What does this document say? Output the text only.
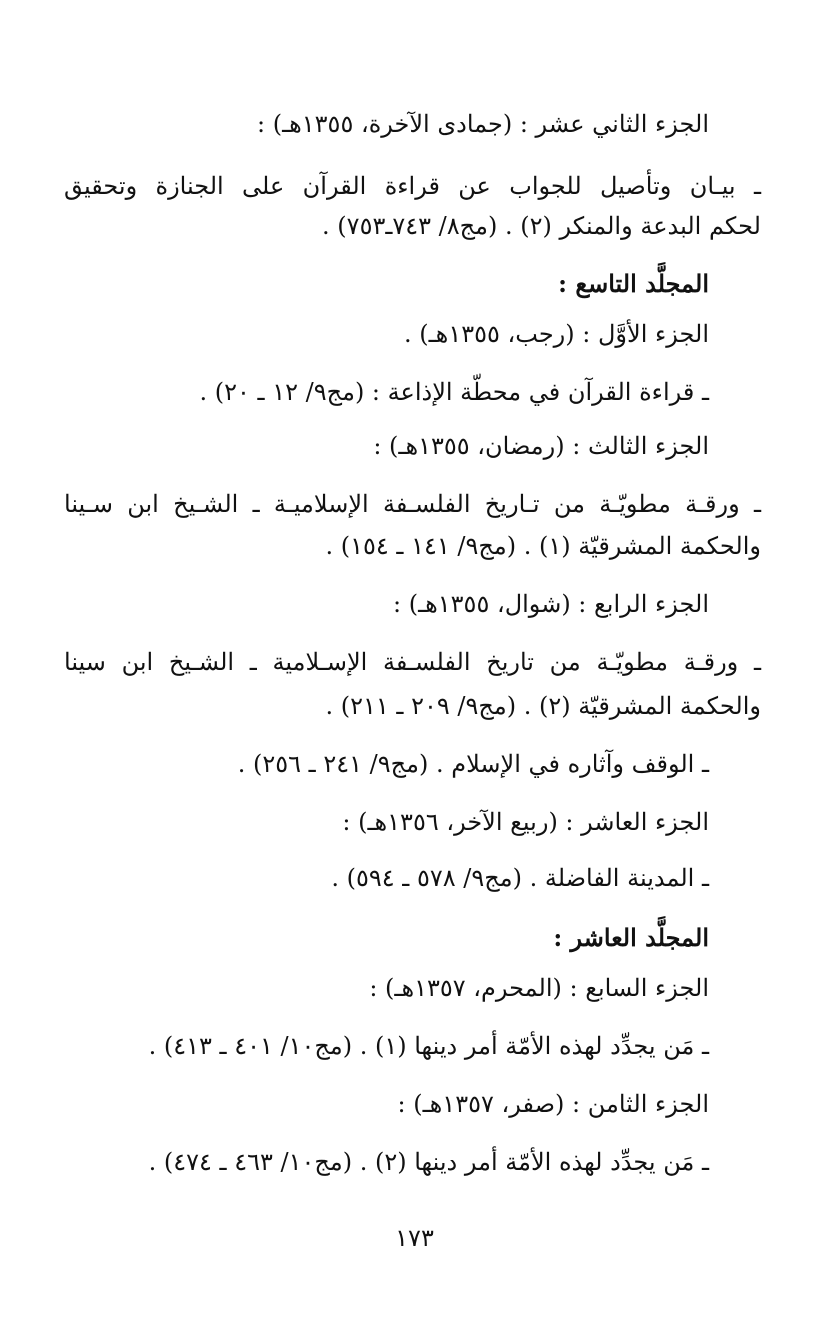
الجزء الثاني عشر : (جمادى الآخرة، ١٣٥٥هـ) :
ـ بيـان وتأصيل للجواب عن قراءة القرآن على الجنازة وتحقيق
لحكم البدعة والمنكر (٢) . (مج٨/ ٧٤٣ـ٧٥٣) .
المجلَّد التاسع :
الجزء الأوَّل : (رجب، ١٣٥٥هـ) .
ـ قراءة القرآن في محطّة الإذاعة : (مج٩/ ١٢ ـ ٢٠) .
الجزء الثالث : (رمضان، ١٣٥٥هـ) :
ـ ورقـة مطويّـة من تـاريخ الفلسـفة الإسلاميـة ـ الشـيخ ابن سـينا
والحكمة المشرقيّة (١) . (مج٩/ ١٤١ ـ ١٥٤) .
الجزء الرابع : (شوال، ١٣٥٥هـ) :
ـ ورقـة مطويّـة من تاريخ الفلسـفة الإسـلامية ـ الشـيخ ابن سينا
والحكمة المشرقيّة (٢) . (مج٩/ ٢٠٩ ـ ٢١١) .
ـ الوقف وآثاره في الإسلام . (مج٩/ ٢٤١ ـ ٢٥٦) .
الجزء العاشر : (ربيع الآخر، ١٣٥٦هـ) :
ـ المدينة الفاضلة . (مج٩/ ٥٧٨ ـ ٥٩٤) .
المجلَّد العاشر :
الجزء السابع : (المحرم، ١٣٥٧هـ) :
ـ مَن يجدِّد لهذه الأمّة أمر دينها (١) . (مج١٠/ ٤٠١ ـ ٤١٣) .
الجزء الثامن : (صفر، ١٣٥٧هـ) :
ـ مَن يجدِّد لهذه الأمّة أمر دينها (٢) . (مج١٠/ ٤٦٣ ـ ٤٧٤) .
١٧٣
